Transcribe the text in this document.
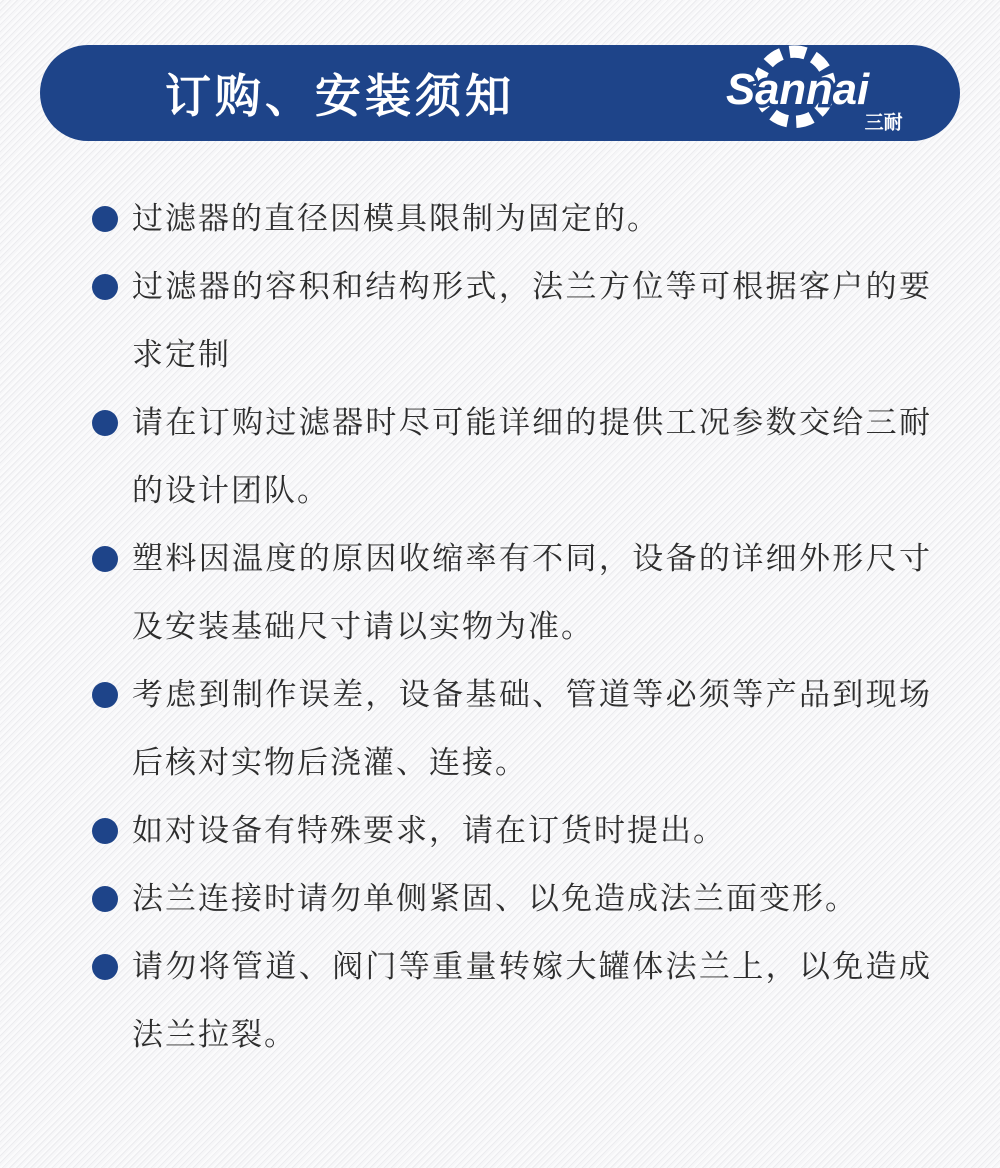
订购、安装须知	Sannai
三耐
过滤器的直径因模具限制为固定的。
过滤器的容积和结构形式，法兰方位等可根据客户的要求定制
请在订购过滤器时尽可能详细的提供工况参数交给三耐的设计团队。
塑料因温度的原因收缩率有不同，设备的详细外形尺寸及安装基础尺寸请以实物为准。
考虑到制作误差，设备基础、管道等必须等产品到现场后核对实物后浇灌、连接。
如对设备有特殊要求，请在订货时提出。
法兰连接时请勿单侧紧固、以免造成法兰面变形。
请勿将管道、阀门等重量转嫁大罐体法兰上，以免造成法兰拉裂。
